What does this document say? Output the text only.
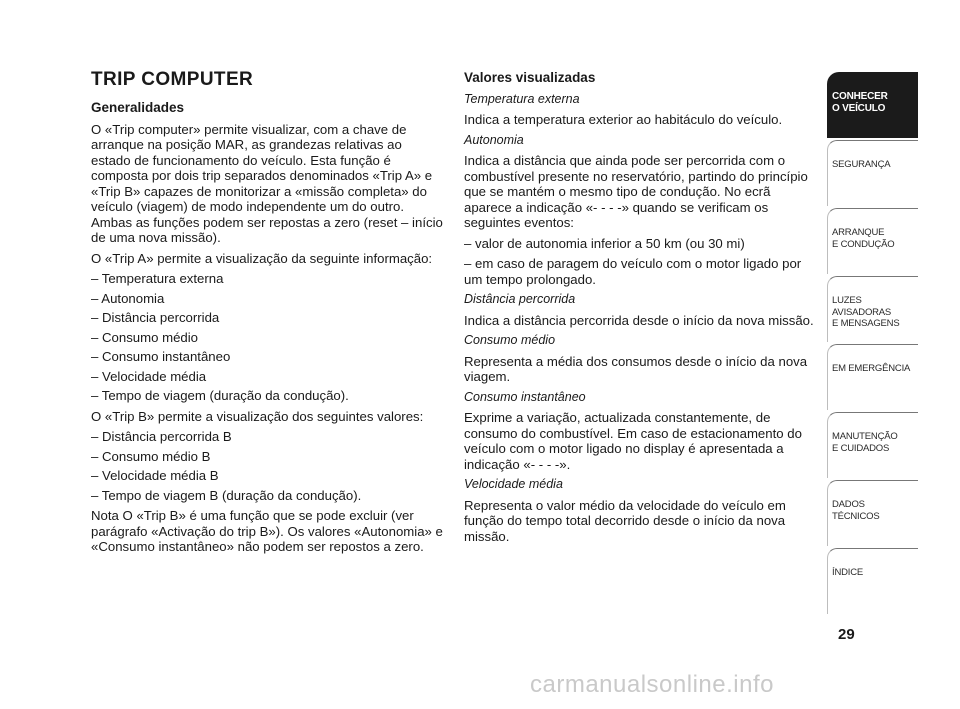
TRIP COMPUTER
Generalidades

O «Trip computer» permite visualizar, com a chave de arranque na posição MAR, as grandezas relativas ao estado de funcionamento do veículo. Esta função é composta por dois trip separados denominados «Trip A» e «Trip B» capazes de monitorizar a «missão completa» do veículo (viagem) de modo independente um do outro. Ambas as funções podem ser repostas a zero (reset – início de uma nova missão).

O «Trip A» permite a visualização da seguinte informação:

– Temperatura externa
– Autonomia
– Distância percorrida
– Consumo médio
– Consumo instantâneo
– Velocidade média
– Tempo de viagem (duração da condução).

O «Trip B» permite a visualização dos seguintes valores:

– Distância percorrida B
– Consumo médio B
– Velocidade média B
– Tempo de viagem B (duração da condução).

Nota O «Trip B» é uma função que se pode excluir (ver parágrafo «Activação do trip B»). Os valores «Autonomia» e «Consumo instantâneo» não podem ser repostos a zero.

Valores visualizadas

Temperatura externa

Indica a temperatura exterior ao habitáculo do veículo.

Autonomia

Indica a distância que ainda pode ser percorrida com o combustível presente no reservatório, partindo do princípio que se mantém o mesmo tipo de condução. No ecrã aparece a indicação «- - - -» quando se verificam os seguintes eventos:

– valor de autonomia inferior a 50 km (ou 30 mi)

– em caso de paragem do veículo com o motor ligado por um tempo prolongado.

Distância percorrida

Indica a distância percorrida desde o início da nova missão.

Consumo médio

Representa a média dos consumos desde o início da nova viagem.

Consumo instantâneo

Exprime a variação, actualizada constantemente, de consumo do combustível. Em caso de estacionamento do veículo com o motor ligado no display é apresentada a indicação «- - - -».

Velocidade média

Representa o valor médio da velocidade do veículo em função do tempo total decorrido desde o início da nova missão.

CONHECER
O VEÍCULO
SEGURANÇA
ARRANQUE
E CONDUÇÃO
LUZES
AVISADORAS
E MENSAGENS
EM EMERGÊNCIA
MANUTENÇÃO
E CUIDADOS
DADOS
TÉCNICOS
ÍNDICE
29
carmanualsonline.info
